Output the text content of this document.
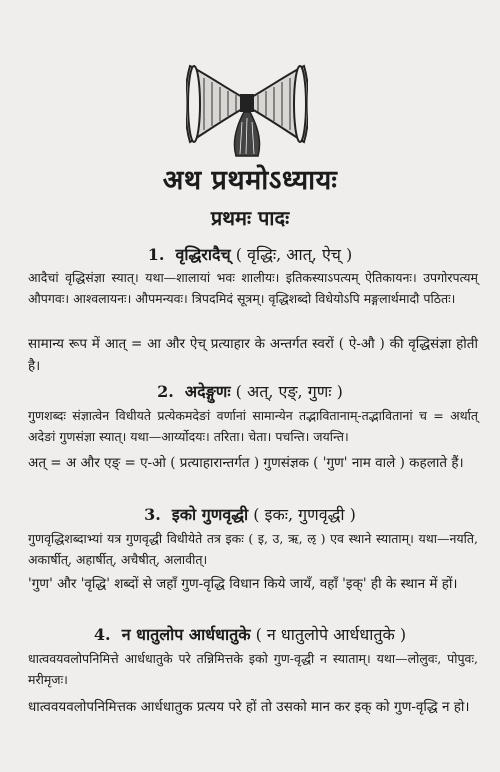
अथ प्रथमोऽध्यायः
प्रथमः पादः
1. वृद्धिरादैच् ( वृद्धिः, आत्, ऐच् )
आदैचां वृद्धिसंज्ञा स्यात्। यथा—शालायां भवः शालीयः। इतिकस्याऽपत्यम् ऐतिकायनः। उपगोरपत्यम् औपगवः। आश्वलायनः। औपमन्यवः। त्रिपदमिदं सूत्रम्। वृद्धिशब्दो विधेयोऽपि मङ्गलार्थमादौ पठितः।
सामान्य रूप में आत् = आ और ऐच् प्रत्याहार के अन्तर्गत स्वरों ( ऐ-औ ) की वृद्धिसंज्ञा होती है।
2. अदेङ्गुणः ( अत्, एङ्, गुणः )
गुणशब्दः संज्ञात्वेन विधीयते प्रत्येकमदेङां वर्णानां सामान्येन तद्भावितानाम्-तद्भावितानां च = अर्थात् अदेङां गुणसंज्ञा स्यात्। यथा—आर्य्योदयः। तरिता। चेता। पचन्ति। जयन्ति।
अत् = अ और एङ् = ए-ओ ( प्रत्याहारान्तर्गत ) गुणसंज्ञक ( 'गुण' नाम वाले ) कहलाते हैं।
3. इको गुणवृद्धी ( इकः, गुणवृद्धी )
गुणवृद्धिशब्दाभ्यां यत्र गुणवृद्धी विधीयेते तत्र इकः ( इ, उ, ऋ, ऌ ) एव स्थाने स्याताम्। यथा—नयति, अकार्षीत्, अहार्षीत्, अचैषीत्, अलावीत्।
'गुण' और 'वृद्धि' शब्दों से जहाँ गुण-वृद्धि विधान किये जायँ, वहाँ 'इक्' ही के स्थान में हों।
4. न धातुलोप आर्धधातुके ( न धातुलोपे आर्धधातुके )
धात्ववयवलोपनिमित्ते आर्धधातुके परे तन्निमित्तके इको गुण-वृद्धी न स्याताम्। यथा—लोलुवः, पोपुवः, मरीमृजः।
धात्ववयवलोपनिमित्तक आर्धधातुक प्रत्यय परे हों तो उसको मान कर इक् को गुण-वृद्धि न हो।
